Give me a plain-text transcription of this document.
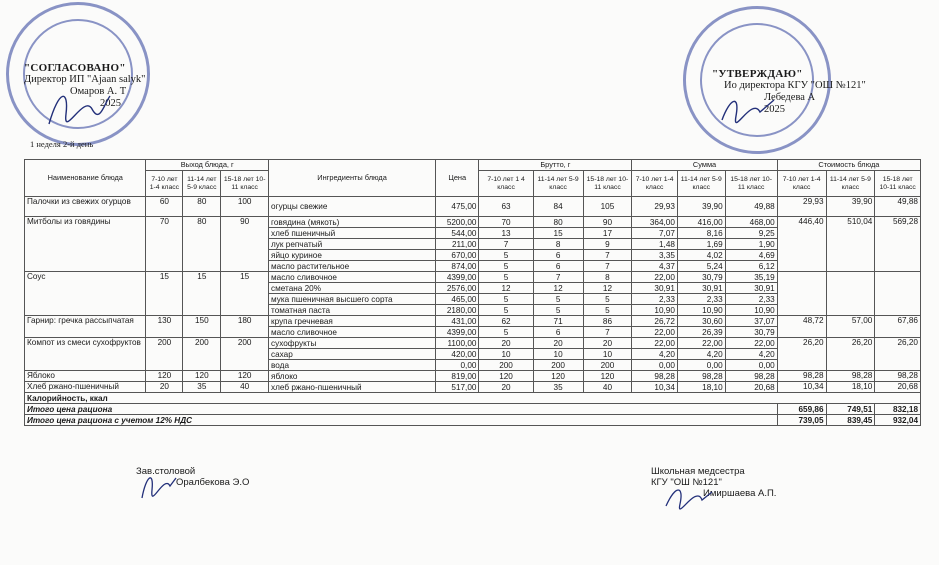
"СОГЛАСОВАНО"
Директор ИП "Ajaan salyk"
Омаров А. Т
2025
"УТВЕРЖДАЮ"
Ио директора КГУ "ОШ №121"
Лебедева А
2025
1 неделя 2-й день
Наименование блюда	Выход блюда, г			Ингредиенты блюда	Цена	Брутто, г			Сумма			Стоимость блюда		
	7-10 лет 1-4 класс	11-14 лет 5-9 класс	15-18 лет 10-11 класс			7-10 лет 1 4 класс	11-14 лет 5-9 класс	15-18 лет 10-11 класс	7-10 лет 1-4 класс	11-14 лет 5-9 класс	15-18 лет 10-11 класс	7-10 лет 1-4 класс	11-14 лет 5-9 класс	15-18 лет 10-11 класс
Палочки из свежих огурцов	60	80	100	огурцы свежие	475,00	63	84	105	29,93	39,90	49,88	29,93	39,90	49,88
Митболы из говядины	70	80	90	говядина (мякоть)	5200,00	70	80	90	364,00	416,00	468,00	446,40	510,04	569,28
				хлеб пшеничный	544,00	13	15	17	7,07	8,16	9,25			
				лук репчатый	211,00	7	8	9	1,48	1,69	1,90			
				яйцо куриное	670,00	5	6	7	3,35	4,02	4,69			
				масло растительное	874,00	5	6	7	4,37	5,24	6,12			
Соус	15	15	15	масло сливочное	4399,00	5	7	8	22,00	30,79	35,19			
				сметана 20%	2576,00	12	12	12	30,91	30,91	30,91			
				мука пшеничная высшего сорта	465,00	5	5	5	2,33	2,33	2,33			
				томатная паста	2180,00	5	5	5	10,90	10,90	10,90			
Гарнир: гречка рассыпчатая	130	150	180	крупа гречневая	431,00	62	71	86	26,72	30,60	37,07	48,72	57,00	67,86
				масло сливочное	4399,00	5	6	7	22,00	26,39	30,79			
Компот из смеси сухофруктов	200	200	200	сухофрукты	1100,00	20	20	20	22,00	22,00	22,00	26,20	26,20	26,20
				сахар	420,00	10	10	10	4,20	4,20	4,20			
				вода	0,00	200	200	200	0,00	0,00	0,00			
Яблоко	120	120	120	яблоко	819,00	120	120	120	98,28	98,28	98,28	98,28	98,28	98,28
Хлеб ржано-пшеничный	20	35	40	хлеб ржано-пшеничный	517,00	20	35	40	10,34	18,10	20,68	10,34	18,10	20,68
Калорийность, ккал														
Итого цена рациона												659,86	749,51	832,18
Итого цена рациона с учетом 12% НДС												739,05	839,45	932,04
Зав.столовой
Оралбекова Э.О
Школьная медсестра
КГУ "ОШ №121"
Имиршаева А.П.
